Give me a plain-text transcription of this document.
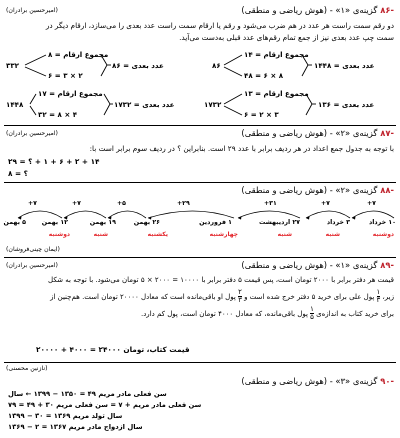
-۸۶ گزینه‌ی «۱» - (هوش ریاضی و منطقی)
(امیرحسین برادران)
دو رقم سمت راست هر عدد در هم ضرب می‌شود و رقم یا ارقام سمت راست عدد بعدی را می‌سازد، ارقام دیگر در
سمت چپ عدد بعدی نیز از جمع تمام رقم‌های عدد قبلی به‌دست می‌آید.
۳۳۲
۸ = مجموع ارقام
۶ = ۳ × ۲
عدد بعدی = ۸۶	۸۶
۱۴ = مجموع ارقام
۴۸ = ۶ × ۸
عدد بعدی = ۱۴۴۸
۱۴۴۸
۱۷ = مجموع ارقام
۳۲ = ۸ × ۴
عدد بعدی = ۱۷۳۲	۱۷۳۲
۱۳ = مجموع ارقام
۶ = ۲ × ۳
عدد بعدی = ۱۳۶
-۸۷ گزینه‌ی «۲» - (هوش ریاضی و منطقی)
(امیرحسین برادران)
با توجه به جدول جمع اعداد در هر ردیف برابر با عدد ۲۹ است. بنابراین ؟ در ردیف سوم برابر است با:
۱۴ + ۲ + ۶ + ۱ + ؟ = ۲۹
؟ = ۸
-۸۸ گزینه‌ی «۲» - (هوش ریاضی و منطقی)
+۷
+۷
+۳۱
+۲۹
+۵
+۷
+۷
۱۰ خرداد
۳ خرداد
۲۷ اردیبهشت
۱ فروردین
۲۶ بهمن
۱۹ بهمن
۱۲ بهمن
۵ بهمن
دوشنبه
شنبه
شنبه
چهارشنبه
یکشنبه
شنبه
دوشنبه
(ایمان چینی‌فروشان)
-۸۹ گزینه‌ی «۱» - (هوش ریاضی و منطقی)
(امیرحسین برادران)
قیمت هر دفتر برابر با ۲۰۰۰ تومان است، پس قیمت ۵ دفتر برابر با ۱۰۰۰۰ = ۲۰۰۰ × ۵ تومان می‌شود. با توجه به شکل
زیر،
$\frac{۱}{۳}$
پول علی برای خرید ۵ دفتر خرج شده است و
$\frac{۲}{۳}$
پول او باقی‌مانده است که معادل ۲۰۰۰۰ تومان است. هم‌چنین از
برای خرید کتاب به اندازه‌ی
$\frac{۱}{۵}$
پول باقی‌مانده، که معادل ۴۰۰۰ تومان است، پول کم دارد.
قیمت کتاب، تومان ۲۴۰۰۰ = ۴۰۰۰ + ۲۰۰۰۰
(نازنین محسنی)
-۹۰ گزینه‌ی «۳» - (هوش ریاضی و منطقی)
سن فعلی مادر مریم ۴۹ = ۱۳۵۰ − ۱۳۹۹ ← سال
سن فعلی مادر مریم + ۷ = سن فعلی مریم ۳۰ + ۴۹ = ۷۹
سال تولد مریم ۱۳۶۹ = ۳۰ − ۱۳۹۹
سال ازدواج مادر مریم ۱۳۶۷ = ۲ − ۱۳۶۹
